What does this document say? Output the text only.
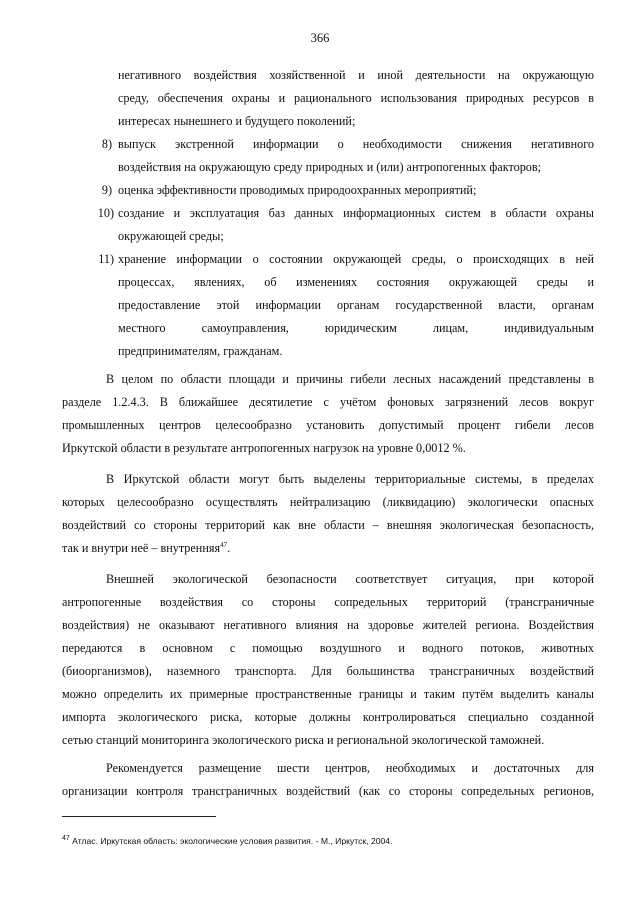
366
негативного воздействия хозяйственной и иной деятельности на окружающую
среду, обеспечения охраны и рационального использования природных ресурсов в
интересах нынешнего и будущего поколений;
8) выпуск экстренной информации о необходимости снижения негативного
воздействия на окружающую среду природных и (или) антропогенных факторов;
9) оценка эффективности проводимых природоохранных мероприятий;
10) создание и эксплуатация баз данных информационных систем в области охраны
окружающей среды;
11) хранение информации о состоянии окружающей среды, о происходящих в ней
процессах, явлениях, об изменениях состояния окружающей среды и
предоставление этой информации органам государственной власти, органам
местного самоуправления, юридическим лицам, индивидуальным
предпринимателям, гражданам.
В целом по области площади и причины гибели лесных насаждений представлены в
разделе 1.2.4.3. В ближайшее десятилетие с учётом фоновых загрязнений лесов вокруг
промышленных центров целесообразно установить допустимый процент гибели лесов
Иркутской области в результате антропогенных нагрузок на уровне 0,0012 %.
В Иркутской области могут быть выделены территориальные системы, в пределах
которых целесообразно осуществлять нейтрализацию (ликвидацию) экологически опасных
воздействий со стороны территорий как вне области – внешняя экологическая безопасность,
так и внутри неё – внутренняя$^{47}$.
Внешней экологической безопасности соответствует ситуация, при которой
антропогенные воздействия со стороны сопредельных территорий (трансграничные
воздействия) не оказывают негативного влияния на здоровье жителей региона. Воздействия
передаются в основном с помощью воздушного и водного потоков, животных
(биоорганизмов), наземного транспорта. Для большинства трансграничных воздействий
можно определить их примерные пространственные границы и таким путём выделить каналы
импорта экологического риска, которые должны контролироваться специально созданной
сетью станций мониторинга экологического риска и региональной экологической таможней.
Рекомендуется размещение шести центров, необходимых и достаточных для
организации контроля трансграничных воздействий (как со стороны сопредельных регионов,
$^{47}$ Атлас. Иркутская область: экологические условия развития. - М., Иркутск, 2004.
